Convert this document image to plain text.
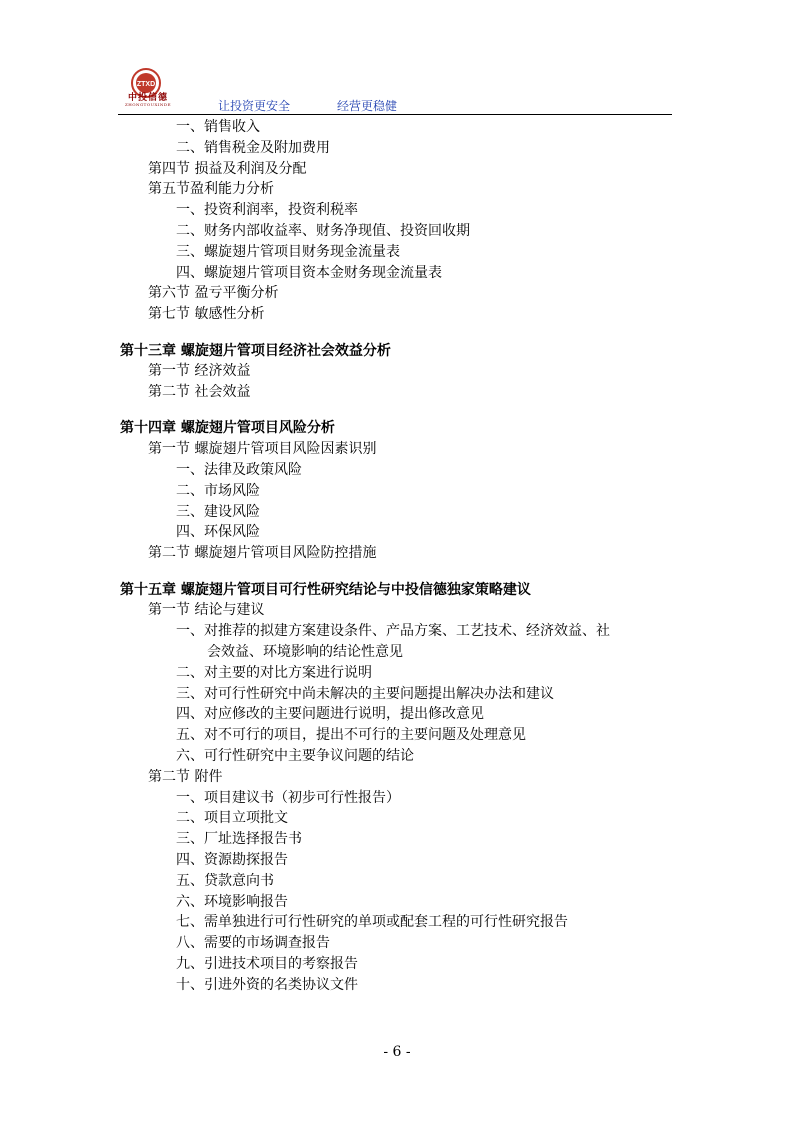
ZTXD
中投信德
ZHONGTOUXINDE	让投资更安全	经营更稳健
一、销售收入
二、销售税金及附加费用
第四节 损益及利润及分配
第五节盈利能力分析
一、投资利润率，投资利税率
二、财务内部收益率、财务净现值、投资回收期
三、螺旋翅片管项目财务现金流量表
四、螺旋翅片管项目资本金财务现金流量表
第六节 盈亏平衡分析
第七节 敏感性分析
第十三章 螺旋翅片管项目经济社会效益分析
第一节 经济效益
第二节 社会效益
第十四章 螺旋翅片管项目风险分析
第一节 螺旋翅片管项目风险因素识别
一、法律及政策风险
二、市场风险
三、建设风险
四、环保风险
第二节 螺旋翅片管项目风险防控措施
第十五章 螺旋翅片管项目可行性研究结论与中投信德独家策略建议
第一节 结论与建议
一、对推荐的拟建方案建设条件、产品方案、工艺技术、经济效益、社
会效益、环境影响的结论性意见
二、对主要的对比方案进行说明
三、对可行性研究中尚未解决的主要问题提出解决办法和建议
四、对应修改的主要问题进行说明，提出修改意见
五、对不可行的项目，提出不可行的主要问题及处理意见
六、可行性研究中主要争议问题的结论
第二节 附件
一、项目建议书（初步可行性报告）
二、项目立项批文
三、厂址选择报告书
四、资源勘探报告
五、贷款意向书
六、环境影响报告
七、需单独进行可行性研究的单项或配套工程的可行性研究报告
八、需要的市场调查报告
九、引进技术项目的考察报告
十、引进外资的名类协议文件
- 6 -
